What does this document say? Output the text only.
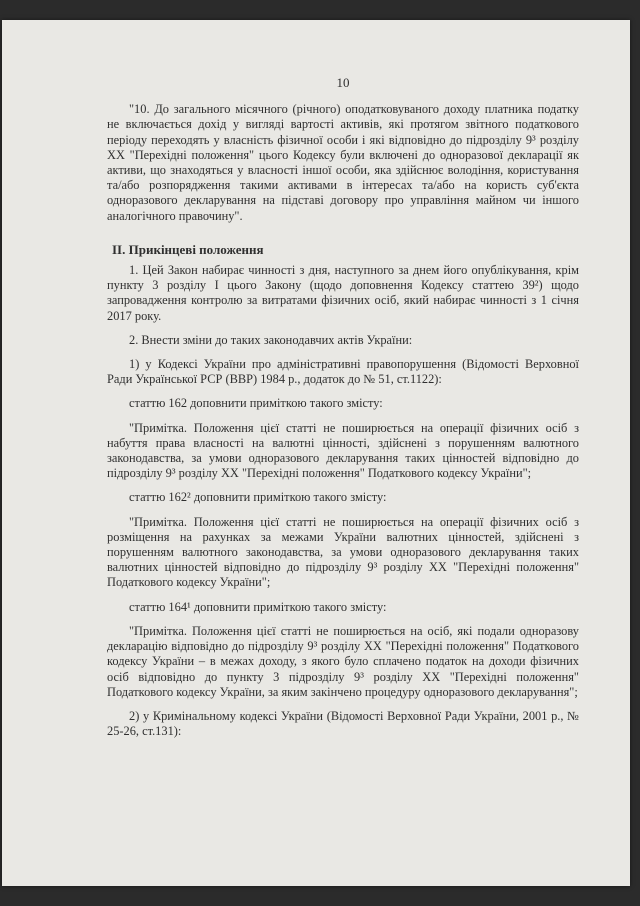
10

"10. До загального місячного (річного) оподатковуваного доходу платника податку не включається дохід у вигляді вартості активів, які протягом звітного податкового періоду переходять у власність фізичної особи і які відповідно до підрозділу 9³ розділу XX "Перехідні положення" цього Кодексу були включені до одноразової декларації як активи, що знаходяться у власності іншої особи, яка здійснює володіння, користування та/або розпорядження такими активами в інтересах та/або на користь суб'єкта одноразового декларування на підставі договору про управління майном чи іншого аналогічного правочину".

II. Прикінцеві положення

1. Цей Закон набирає чинності з дня, наступного за днем його опублікування, крім пункту 3 розділу I цього Закону (щодо доповнення Кодексу статтею 39²) щодо запровадження контролю за витратами фізичних осіб, який набирає чинності з 1 січня 2017 року.

2. Внести зміни до таких законодавчих актів України:

1) у Кодексі України про адміністративні правопорушення (Відомості Верховної Ради Української РСР (ВВР) 1984 р., додаток до № 51, ст.1122):

статтю 162 доповнити приміткою такого змісту:

"Примітка. Положення цієї статті не поширюється на операції фізичних осіб з набуття права власності на валютні цінності, здійснені з порушенням валютного законодавства, за умови одноразового декларування таких цінностей відповідно до підрозділу 9³ розділу XX "Перехідні положення" Податкового кодексу України";

статтю 162² доповнити приміткою такого змісту:

"Примітка. Положення цієї статті не поширюється на операції фізичних осіб з розміщення на рахунках за межами України валютних цінностей, здійснені з порушенням валютного законодавства, за умови одноразового декларування таких валютних цінностей відповідно до підрозділу 9³ розділу XX "Перехідні положення" Податкового кодексу України";

статтю 164¹ доповнити приміткою такого змісту:

"Примітка. Положення цієї статті не поширюється на осіб, які подали одноразову декларацію відповідно до підрозділу 9³ розділу XX "Перехідні положення" Податкового кодексу України – в межах доходу, з якого було сплачено податок на доходи фізичних осіб відповідно до пункту 3 підрозділу 9³ розділу XX "Перехідні положення" Податкового кодексу України, за яким закінчено процедуру одноразового декларування";

2) у Кримінальному кодексі України (Відомості Верховної Ради України, 2001 р., № 25-26, ст.131):
